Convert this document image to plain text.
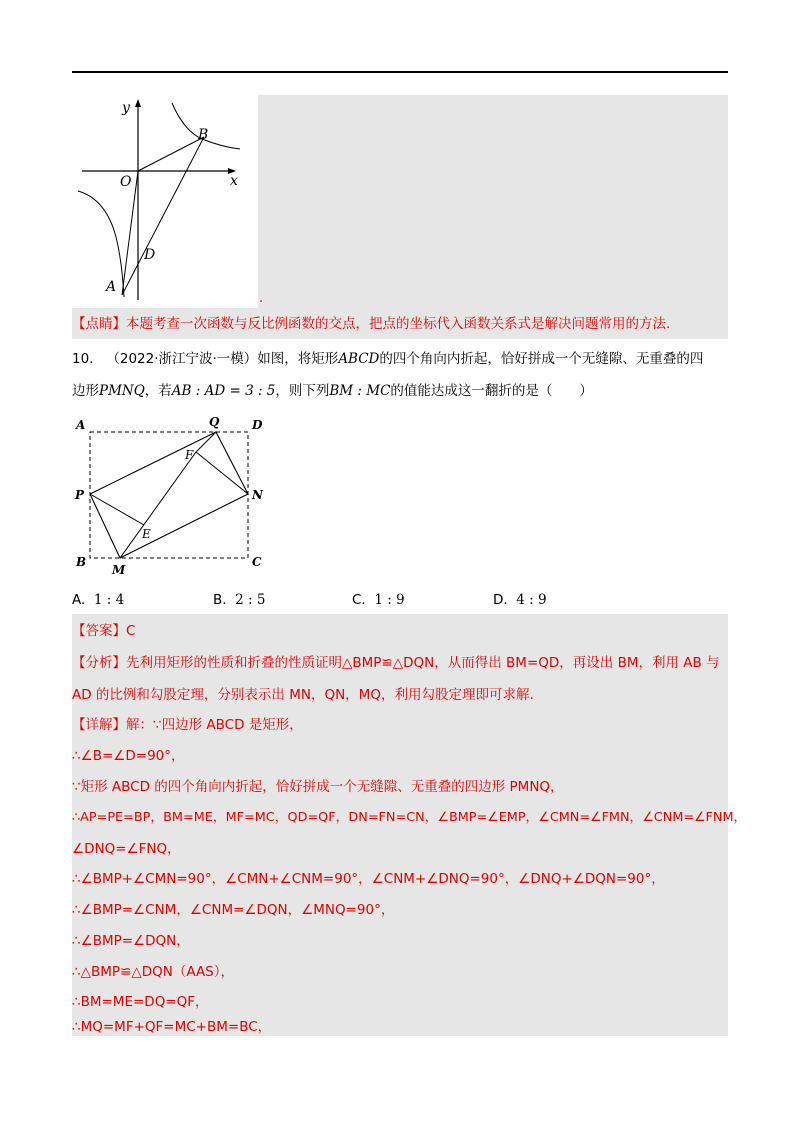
y
x
O
B
D
A
.
【点睛】本题考查一次函数与反比例函数的交点，把点的坐标代入函数关系式是解决问题常用的方法.
10. （2022·浙江宁波·一模）如图，将矩形ABCD的四个角向内折起，恰好拼成一个无缝隙、无重叠的四
边形PMNQ，若AB : AD = 3 : 5，则下列BM : MC的值能达成这一翻折的是（　　）
A	Q	D
F
P	N
E
B
M
C
A. 1 : 4	B. 2 : 5	C. 1 : 9	D. 4 : 9
【答案】C
【分析】先利用矩形的性质和折叠的性质证明△BMP≌△DQN，从而得出 BM=QD，再设出 BM，利用 AB 与
AD 的比例和勾股定理，分别表示出 MN，QN，MQ，利用勾股定理即可求解.
【详解】解：∵四边形 ABCD 是矩形，
∴∠B=∠D=90°，
∵矩形 ABCD 的四个角向内折起，恰好拼成一个无缝隙、无重叠的四边形 PMNQ，
∴AP=PE=BP，BM=ME，MF=MC，QD=QF，DN=FN=CN，∠BMP=∠EMP，∠CMN=∠FMN，∠CNM=∠FNM，
∠DNQ=∠FNQ，
∴∠BMP+∠CMN=90°，∠CMN+∠CNM=90°，∠CNM+∠DNQ=90°，∠DNQ+∠DQN=90°，
∴∠BMP=∠CNM，∠CNM=∠DQN，∠MNQ=90°，
∴∠BMP=∠DQN，
∴△BMP≌△DQN（AAS），
∴BM=ME=DQ=QF，
∴MQ=MF+QF=MC+BM=BC，
